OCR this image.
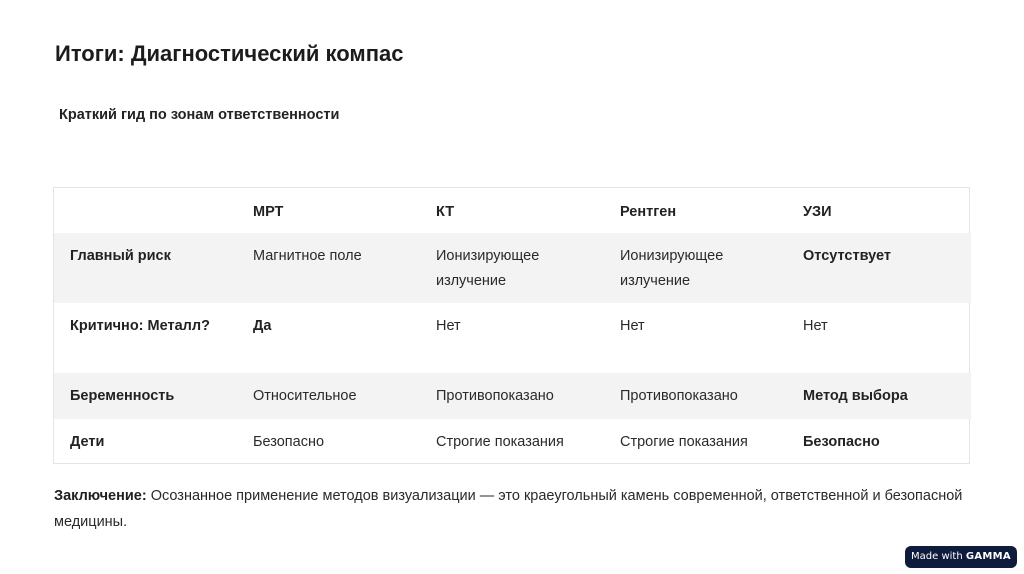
Итоги: Диагностический компас
Краткий гид по зонам ответственности
	МРТ	КТ	Рентген	УЗИ
Главный риск	Магнитное поле	Ионизирующее излучение	Ионизирующее излучение	Отсутствует
Критично: Металл?	Да	Нет	Нет	Нет
Беременность	Относительное	Противопоказано	Противопоказано	Метод выбора
Дети	Безопасно	Строгие показания	Строгие показания	Безопасно

Заключение: Осознанное применение методов визуализации — это краеугольный камень современной, ответственной и безопасной медицины.

Made with GAMMA
